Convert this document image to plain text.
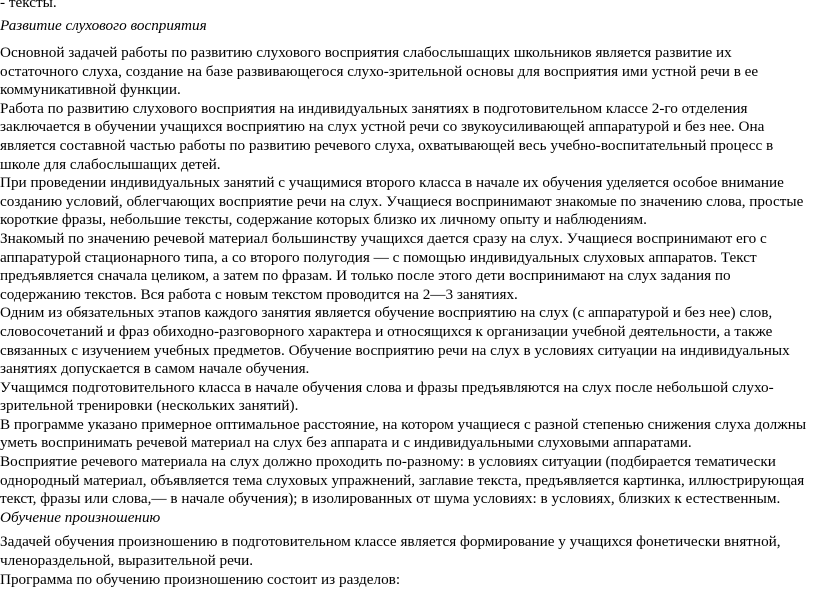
- тексты.

Развитие слухового восприятия

Основной задачей работы по развитию слухового восприятия слабослышащих школьников является развитие их остаточного слуха, создание на базе развивающегося слухо-зрительной основы для восприятия ими устной речи в ее коммуникативной функции.

Работа по развитию слухового восприятия на индивидуальных занятиях в подготовительном классе 2-го отделения заключается в обучении учащихся восприятию на слух устной речи со звукоусиливающей аппаратурой и без нее. Она является составной частью работы по развитию речевого слуха, охватывающей весь учебно-воспитательный процесс в школе для слабослышащих детей.

При проведении индивидуальных занятий с учащимися второго класса в начале их обучения уделяется особое внимание созданию условий, облегчающих восприятие речи на слух. Учащиеся воспринимают знакомые по значению слова, простые короткие фразы, небольшие тексты, содержание которых близко их личному опыту и наблюдениям.

Знакомый по значению речевой материал большинству учащихся дается сразу на слух. Учащиеся воспринимают его с аппаратурой стационарного типа, а со второго полугодия — с помощью индивидуальных слуховых аппаратов. Текст предъявляется сначала целиком, а затем по фразам. И только после этого дети воспринимают на слух задания по содержанию текстов. Вся работа с новым текстом проводится на 2—3 занятиях.

Одним из обязательных этапов каждого занятия является обучение восприятию на слух (с аппаратурой и без нее) слов, словосочетаний и фраз обиходно-разговорного характера и относящихся к организации учебной деятельности, а также связанных с изучением учебных предметов. Обучение восприятию речи на слух в условиях ситуации на индивидуальных занятиях допускается в самом начале обучения.

Учащимся подготовительного класса в начале обучения слова и фразы предъявляются на слух после небольшой слухо-зрительной тренировки (нескольких занятий).

В программе указано примерное оптимальное расстояние, на котором учащиеся с разной степенью снижения слуха должны уметь воспринимать речевой материал на слух без аппарата и с индивидуальными слуховыми аппаратами.

Восприятие речевого материала на слух должно проходить по-разному: в условиях ситуации (подбирается тематически однородный материал, объявляется тема слуховых упражнений, заглавие текста, предъявляется картинка, иллюстрирующая текст, фразы или слова,— в начале обучения); в изолированных от шума условиях: в условиях, близких к естественным.

Обучение произношению

Задачей обучения произношению в подготовительном классе является формирование у учащихся фонетически внятной, членораздельной, выразительной речи.

Программа по обучению произношению состоит из разделов:
